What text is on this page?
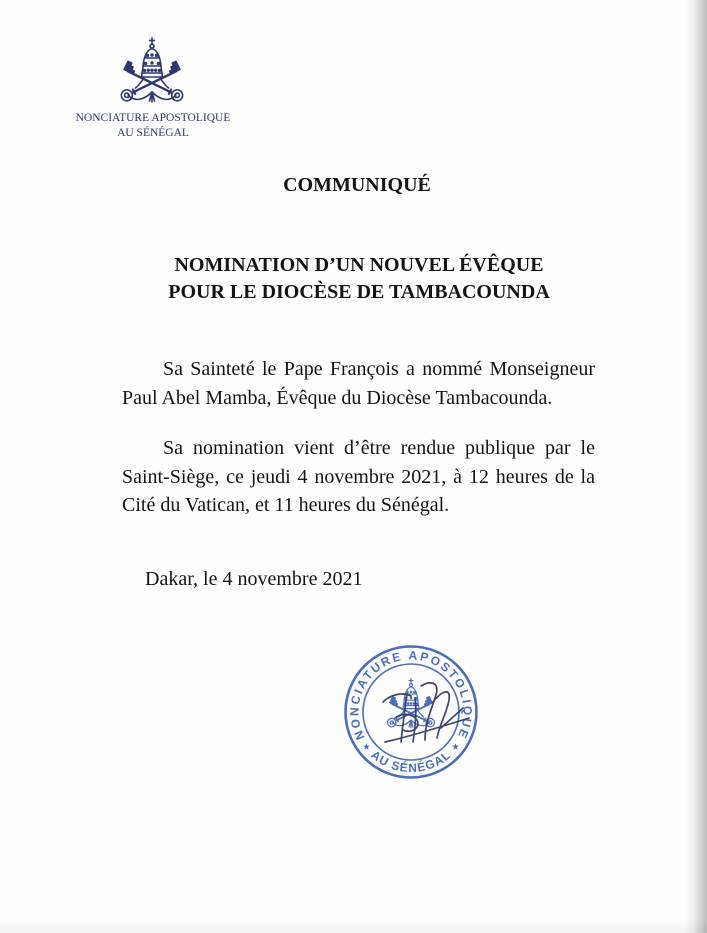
NONCIATURE APOSTOLIQUE
AU SÉNÉGAL
COMMUNIQUÉ
NOMINATION D’UN NOUVEL ÉVÊQUE
POUR LE DIOCÈSE DE TAMBACOUNDA
Sa Sainteté le Pape François a nommé Monseigneur
Paul Abel Mamba, Évêque du Diocèse Tambacounda.
Sa nomination vient d’être rendue publique par le
Saint-Siège, ce jeudi 4 novembre 2021, à 12 heures de la
Cité du Vatican, et 11 heures du Sénégal.
Dakar, le 4 novembre 2021
NONCIATURE APOSTOLIQUE
AU SÉNÉGAL
